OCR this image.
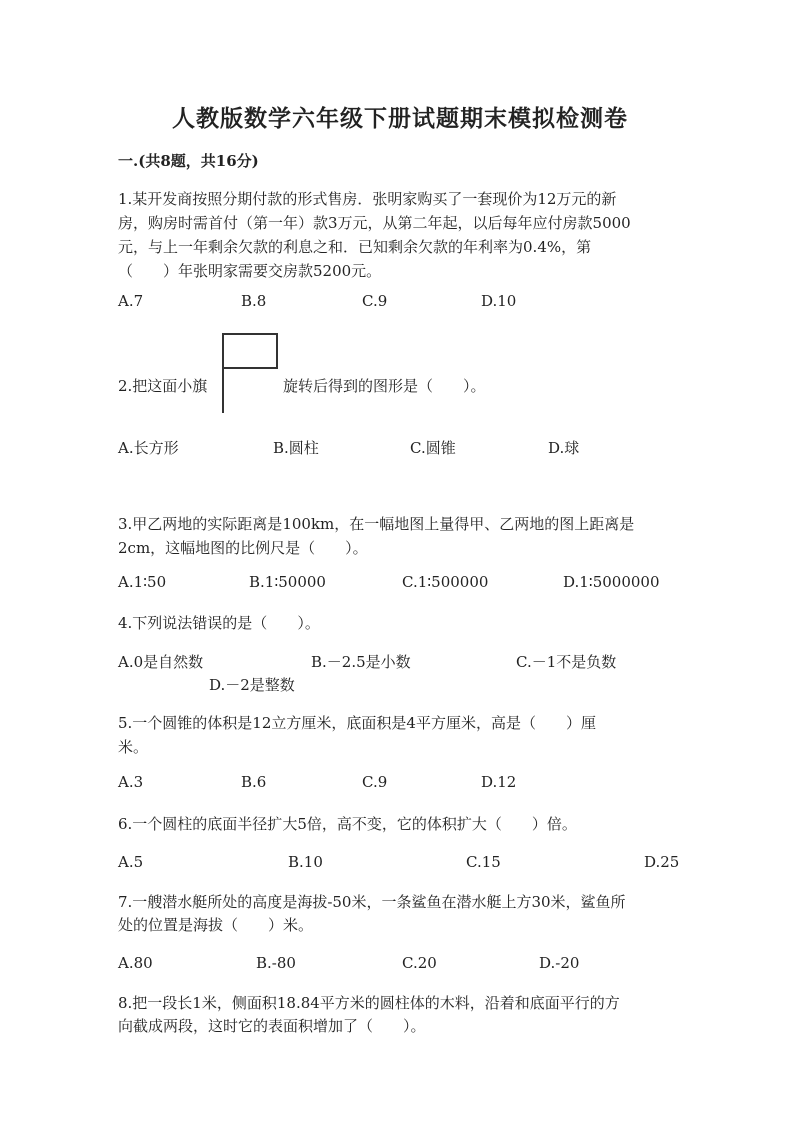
人教版数学六年级下册试题期末模拟检测卷
一.(共8题，共16分)
1.某开发商按照分期付款的形式售房．张明家购买了一套现价为12万元的新
房，购房时需首付（第一年）款3万元，从第二年起，以后每年应付房款5000
元，与上一年剩余欠款的利息之和．已知剩余欠款的年利率为0.4%，第
（　　）年张明家需要交房款5200元。
A.7	B.8	C.9	D.10
2.把这面小旗	旋转后得到的图形是（　　）。
A.长方形	B.圆柱	C.圆锥	D.球
3.甲乙两地的实际距离是100km，在一幅地图上量得甲、乙两地的图上距离是
2cm，这幅地图的比例尺是（　　）。
A.1∶50	B.1∶50000	C.1∶500000	D.1∶5000000
4.下列说法错误的是（　　）。
A.0是自然数	B.－2.5是小数	C.－1不是负数
D.－2是整数
5.一个圆锥的体积是12立方厘米，底面积是4平方厘米，高是（　　）厘
米。
A.3	B.6	C.9	D.12
6.一个圆柱的底面半径扩大5倍，高不变，它的体积扩大（　　）倍。
A.5	B.10	C.15	D.25
7.一艘潜水艇所处的高度是海拔-50米，一条鲨鱼在潜水艇上方30米，鲨鱼所
处的位置是海拔（　　）米。
A.80	B.-80	C.20	D.-20
8.把一段长1米，侧面积18.84平方米的圆柱体的木料，沿着和底面平行的方
向截成两段，这时它的表面积增加了（　　）。
